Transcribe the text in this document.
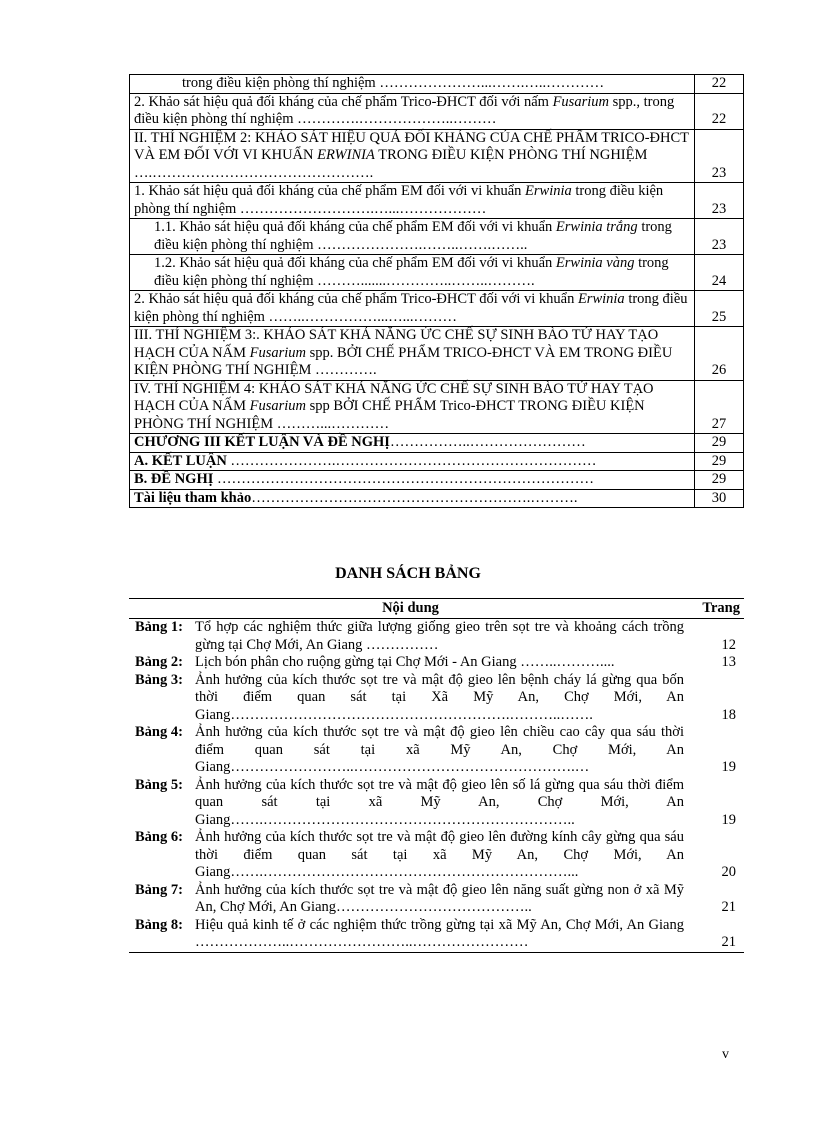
trong điều kiện phòng thí nghiệm …………………...…….…..…………	22
2. Khảo sát hiệu quả đối kháng của chế phẩm Trico-ĐHCT đối với nấm Fusarium spp., trong điều kiện phòng thí nghiệm ………….………………..………	22
II. THÍ NGHIỆM 2: KHẢO SÁT HIỆU QUẢ ĐỐI KHÁNG CỦA CHẾ PHẨM TRICO-ĐHCT VÀ EM ĐỐI VỚI VI KHUẨN ERWINIA TRONG ĐIỀU KIỆN PHÒNG THÍ NGHIỆM ….……………………………………….	23
1. Khảo sát hiệu quả đối kháng của chế phẩm EM đối với vi khuẩn Erwinia trong điều kiện phòng thí nghiệm ……………………….…...………………	23
1.1. Khảo sát hiệu quả đối kháng của chế phẩm EM đối với vi khuẩn Erwinia trắng trong điều kiện phòng thí nghiệm ………………….……..…….……..	23
1.2. Khảo sát hiệu quả đối kháng của chế phẩm EM đối với vi khuẩn Erwinia vàng trong điều kiện phòng thí nghiệm ……….......…………..……..……….	24
2. Khảo sát hiệu quả đối kháng của chế phẩm Trico-ĐHCT đối với vi khuẩn Erwinia trong điều kiện phòng thí nghiệm ……..……………...…...………	25
III. THÍ NGHIỆM 3:. KHẢO SÁT KHẢ NĂNG ỨC CHẾ SỰ SINH BÀO TỬ HAY TẠO HẠCH CỦA NẤM Fusarium spp. BỞI CHẾ PHẨM TRICO-ĐHCT VÀ EM TRONG ĐIỀU KIỆN PHÒNG THÍ NGHIỆM ………….	26
IV. THÍ NGHIỆM 4: KHẢO SÁT KHẢ NĂNG ỨC CHẾ SỰ SINH BÀO TỬ HAY TẠO HẠCH CỦA NẤM Fusarium spp BỞI CHẾ PHẨM Trico-ĐHCT TRONG ĐIỀU KIỆN PHÒNG THÍ NGHIỆM ………...…………	27
CHƯƠNG III KẾT LUẬN VÀ ĐỀ NGHỊ……………..……………………	29
A. KẾT LUẬN ………………….………………………………………………	29
B. ĐỀ NGHỊ ……………………………………………………………………	29
Tài liệu tham khảo………………………………………………….……….	30
DANH SÁCH BẢNG
Nội dung	Trang

Bảng 1: Tổ hợp các nghiệm thức giữa lượng giống gieo trên sọt tre và khoảng cách trồng gừng tại Chợ Mới, An Giang ……………	12

Bảng 2: Lịch bón phân cho ruộng gừng tại Chợ Mới - An Giang ……..………....	13

Bảng 3: Ảnh hưởng của kích thước sọt tre và mật độ gieo lên bệnh cháy lá gừng qua bốn thời điểm quan sát tại Xã Mỹ An, Chợ Mới, An Giang………………………………………………….………..…….	18

Bảng 4: Ảnh hưởng của kích thước sọt tre và mật độ gieo lên chiều cao cây qua sáu thời điểm quan sát tại xã Mỹ An, Chợ Mới, An Giang……………………..……………………………………….…	19

Bảng 5: Ảnh hưởng của kích thước sọt tre và mật độ gieo lên số lá gừng qua sáu thời điểm quan sát tại xã Mỹ An, Chợ Mới, An Giang…….………………………………………………………..	19

Bảng 6: Ảnh hưởng của kích thước sọt tre và mật độ gieo lên đường kính cây gừng qua sáu thời điểm quan sát tại xã Mỹ An, Chợ Mới, An Giang…….………………………………………………………...	20

Bảng 7: Ảnh hưởng của kích thước sọt tre và mật độ gieo lên năng suất gừng non ở xã Mỹ An, Chợ Mới, An Giang…………………………………..	21

Bảng 8: Hiệu quả kinh tế ở các nghiệm thức trồng gừng tại xã Mỹ An, Chợ Mới, An Giang ………………..……………………..……………………	21
v
